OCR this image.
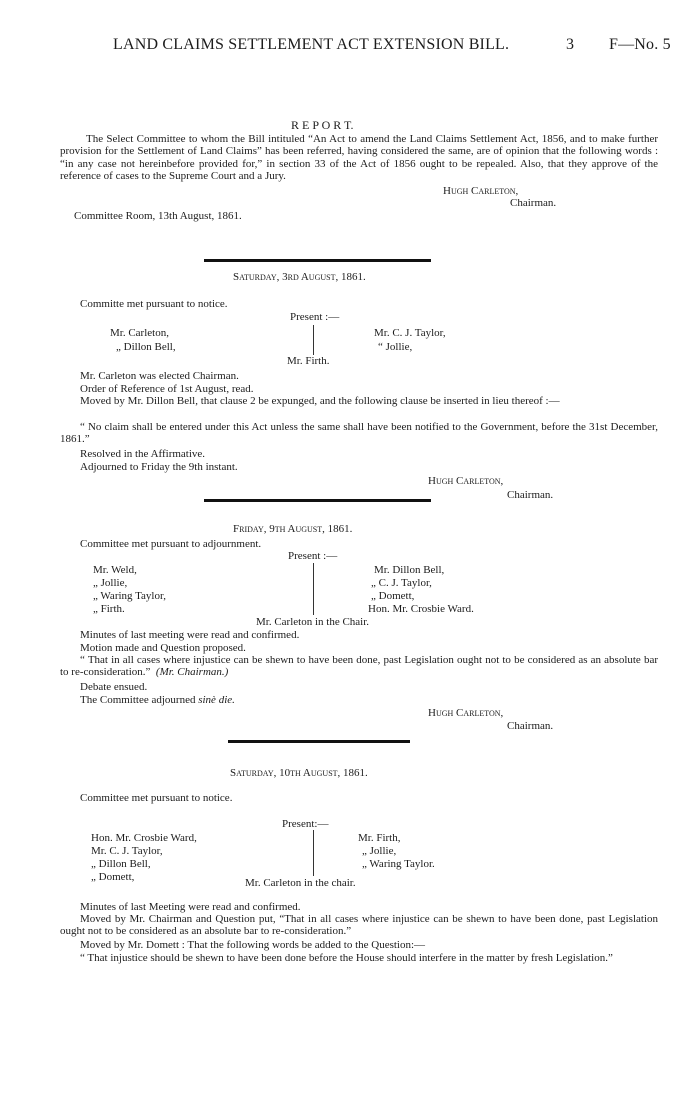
LAND CLAIMS SETTLEMENT ACT EXTENSION BILL.	3 F—No. 5
R E P O R T.
The Select Committee to whom the Bill intituled “An Act to amend the Land Claims Settlement Act, 1856, and to make further provision for the Settlement of Land Claims” has been referred, having considered the same, are of opinion that the following words : “in any case not hereinbefore provided for,” in section 33 of the Act of 1856 ought to be repealed. Also, that they approve of the reference of cases to the Supreme Court and a Jury.
Hugh Carleton,
Chairman.
Committee Room, 13th August, 1861.
Saturday, 3rd August, 1861.
Committe met pursuant to notice.
Present :—
Mr. Carleton,
„ Dillon Bell,
Mr. C. J. Taylor,
“ Jollie,
Mr. Firth.
Mr. Carleton was elected Chairman.
Order of Reference of 1st August, read.
Moved by Mr. Dillon Bell, that clause 2 be expunged, and the following clause be inserted in lieu thereof :—
“ No claim shall be entered under this Act unless the same shall have been notified to the Government, before the 31st December, 1861.”
Resolved in the Affirmative.
Adjourned to Friday the 9th instant.
Hugh Carleton,
Chairman.
Friday, 9th August, 1861.
Committee met pursuant to adjournment.
Present :—
Mr. Weld,
„ Jollie,
„ Waring Taylor,
„ Firth.
Mr. Dillon Bell,
„ C. J. Taylor,
„ Domett,
Hon. Mr. Crosbie Ward.
Mr. Carleton in the Chair.
Minutes of last meeting were read and confirmed.
Motion made and Question proposed.
“ That in all cases where injustice can be shewn to have been done, past Legislation ought not to be considered as an absolute bar to re-consideration.” (Mr. Chairman.)
Debate ensued.
The Committee adjourned sinè die.
Hugh Carleton,
Chairman.
Saturday, 10th August, 1861.
Committee met pursuant to notice.
Present:—
Hon. Mr. Crosbie Ward,
Mr. C. J. Taylor,
„ Dillon Bell,
„ Domett,
Mr. Firth,
„ Jollie,
„ Waring Taylor.
Mr. Carleton in the chair.
Minutes of last Meeting were read and confirmed.
Moved by Mr. Chairman and Question put, “That in all cases where injustice can be shewn to have been done, past Legislation ought not to be considered as an absolute bar to re-consideration.”
Moved by Mr. Domett : That the following words be added to the Question:—
“ That injustice should be shewn to have been done before the House should interfere in the matter by fresh Legislation.”
